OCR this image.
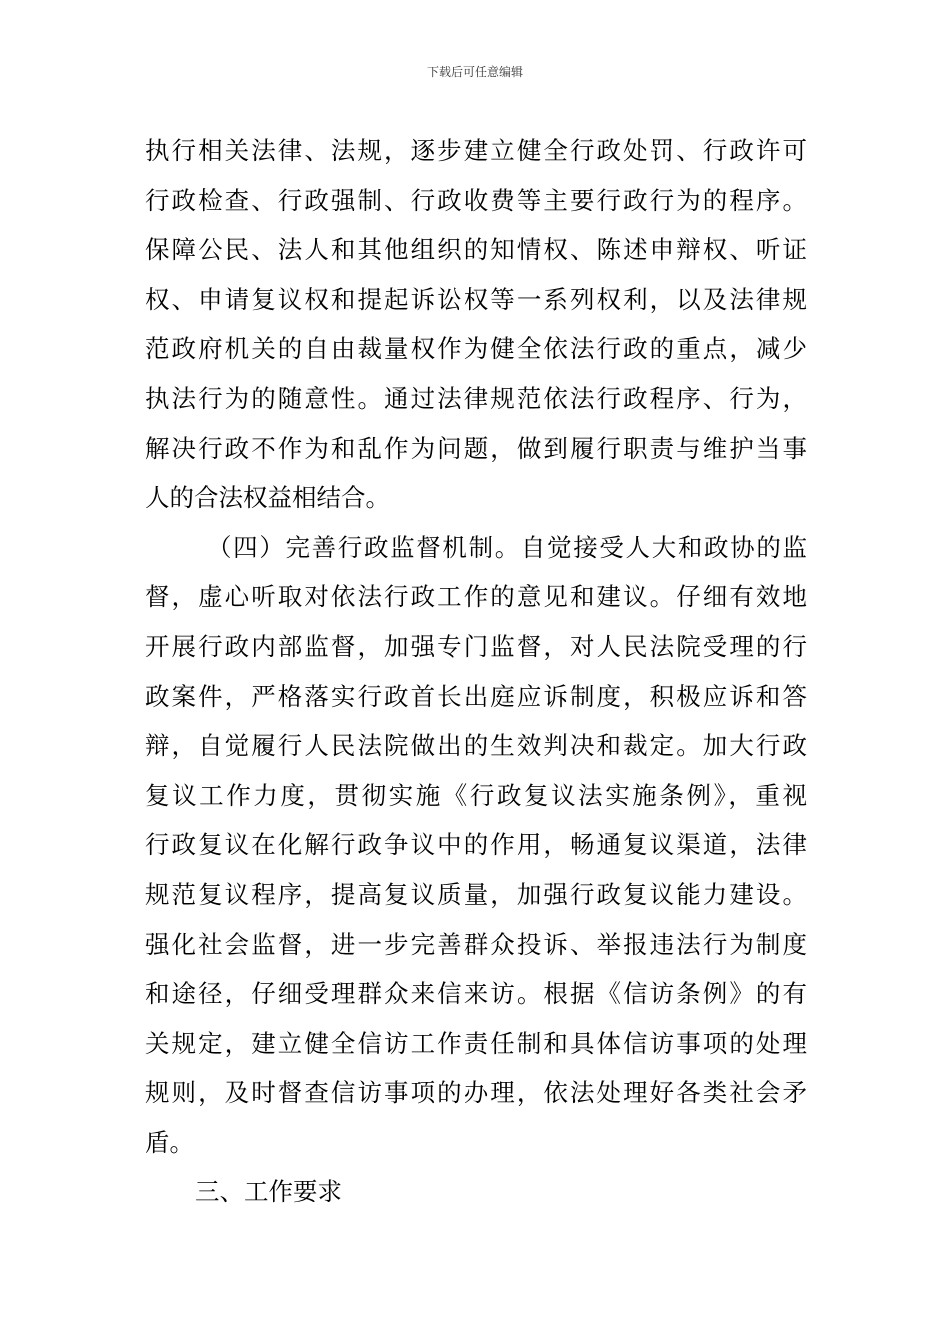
下载后可任意编辑
执行相关法律、法规，逐步建立健全行政处罚、行政许可
行政检查、行政强制、行政收费等主要行政行为的程序。
保障公民、法人和其他组织的知情权、陈述申辩权、听证
权、申请复议权和提起诉讼权等一系列权利，以及法律规
范政府机关的自由裁量权作为健全依法行政的重点，减少
执法行为的随意性。通过法律规范依法行政程序、行为，
解决行政不作为和乱作为问题，做到履行职责与维护当事
人的合法权益相结合。
（四）完善行政监督机制。自觉接受人大和政协的监
督，虚心听取对依法行政工作的意见和建议。仔细有效地
开展行政内部监督，加强专门监督，对人民法院受理的行
政案件，严格落实行政首长出庭应诉制度，积极应诉和答
辩，自觉履行人民法院做出的生效判决和裁定。加大行政
复议工作力度，贯彻实施《行政复议法实施条例》，重视
行政复议在化解行政争议中的作用，畅通复议渠道，法律
规范复议程序，提高复议质量，加强行政复议能力建设。
强化社会监督，进一步完善群众投诉、举报违法行为制度
和途径，仔细受理群众来信来访。根据《信访条例》的有
关规定，建立健全信访工作责任制和具体信访事项的处理
规则，及时督查信访事项的办理，依法处理好各类社会矛
盾。
三、工作要求
